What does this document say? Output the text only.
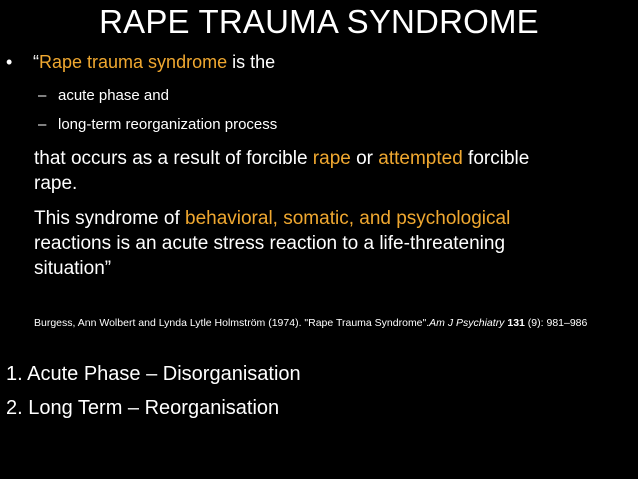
RAPE TRAUMA SYNDROME
• “Rape trauma syndrome is the
– acute phase and
– long-term reorganization process
that occurs as a result of forcible rape or attempted forcible
rape.
This syndrome of behavioral, somatic, and psychological
reactions is an acute stress reaction to a life-threatening
situation”
Burgess, Ann Wolbert and Lynda Lytle Holmström (1974). "Rape Trauma Syndrome".Am J Psychiatry 131 (9): 981–986
1. Acute Phase – Disorganisation
2. Long Term – Reorganisation
